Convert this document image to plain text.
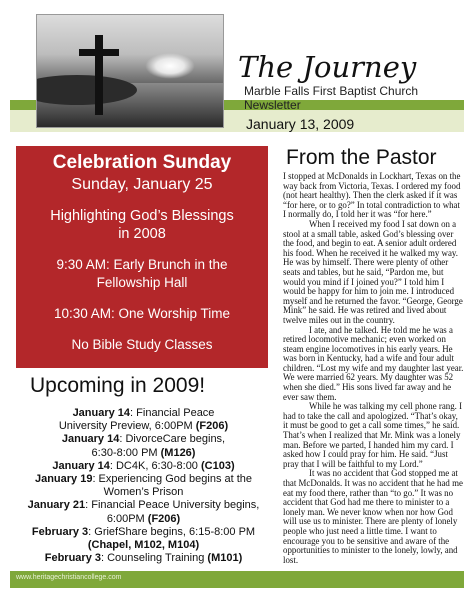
The Journey
Marble Falls First Baptist Church Newsletter
January 13, 2009
Celebration Sunday
Sunday, January 25
Highlighting God’s Blessings
in 2008
9:30 AM: Early Brunch in the
Fellowship Hall
10:30 AM: One Worship Time
No Bible Study Classes
Upcoming in 2009!
January 14: Financial Peace
University Preview, 6:00PM (F206)
January 14: DivorceCare begins,
6:30-8:00 PM (M126)
January 14: DC4K, 6:30-8:00 (C103)
January 19: Experiencing God begins at the
Women’s Prison
January 21: Financial Peace University begins,
6:00PM (F206)
February 3: GriefShare begins, 6:15-8:00 PM
(Chapel, M102, M104)
February 3: Counseling Training (M101)
From the Pastor

I stopped at McDonalds in Lockhart, Texas on the way back from Victoria, Texas. I ordered my food (not heart healthy). Then the clerk asked if it was “for here, or to go?” In total contradiction to what I normally do, I told her it was “for here.”

When I received my food I sat down on a stool at a small table, asked God’s blessing over the food, and begin to eat. A senior adult ordered his food. When he received it he walked my way. He was by himself. There were plenty of other seats and tables, but he said, “Pardon me, but would you mind if I joined you?” I told him I would be happy for him to join me. I introduced myself and he returned the favor. “George, George Mink” he said. He was retired and lived about twelve miles out in the country.

I ate, and he talked. He told me he was a retired locomotive mechanic; even worked on steam engine locomotives in his early years. He was born in Kentucky, had a wife and four adult children. “Lost my wife and my daughter last year. We were married 62 years. My daughter was 52 when she died.” His sons lived far away and he ever saw them.

While he was talking my cell phone rang. I had to take the call and apologized. “That’s okay, it must be good to get a call some times,” he said. That’s when I realized that Mr. Mink was a lonely man. Before we parted, I handed him my card. I asked how I could pray for him. He said. “Just pray that I will be faithful to my Lord.”

It was no accident that God stopped me at that McDonalds. It was no accident that he had me eat my food there, rather than “to go.” It was no accident that God had me there to minister to a lonely man. We never know when nor how God will use us to minister. There are plenty of lonely people who just need a little time. I want to encourage you to be sensitive and aware of the opportunities to minister to the lonely, lowly, and lost.

www.heritagechristiancollege.com
